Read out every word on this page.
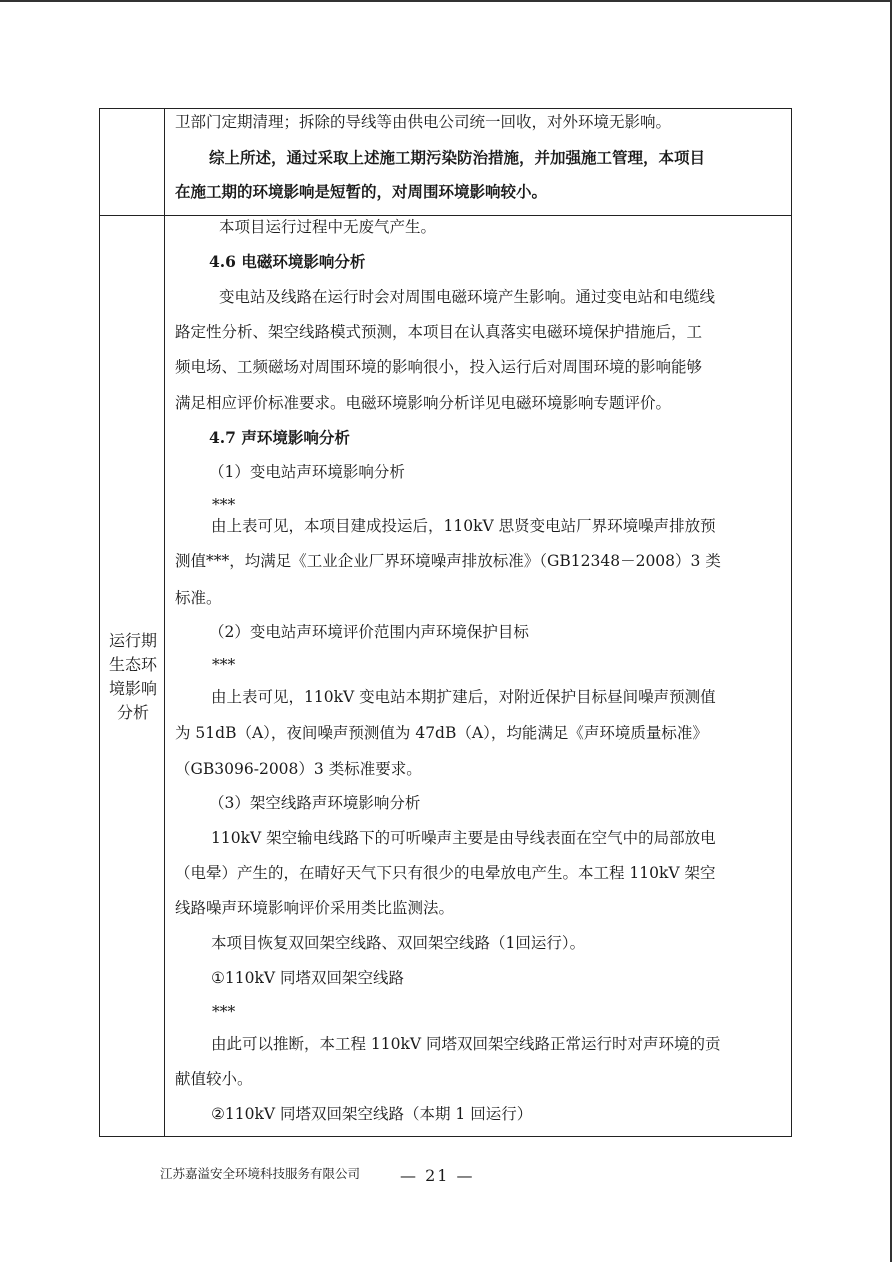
运行期
生态环
境影响
分析
卫部门定期清理；拆除的导线等由供电公司统一回收，对外环境无影响。
综上所述，通过采取上述施工期污染防治措施，并加强施工管理，本项目
在施工期的环境影响是短暂的，对周围环境影响较小。
本项目运行过程中无废气产生。
4.6 电磁环境影响分析
变电站及线路在运行时会对周围电磁环境产生影响。通过变电站和电缆线
路定性分析、架空线路模式预测，本项目在认真落实电磁环境保护措施后，工
频电场、工频磁场对周围环境的影响很小，投入运行后对周围环境的影响能够
满足相应评价标准要求。电磁环境影响分析详见电磁环境影响专题评价。
4.7 声环境影响分析
（1）变电站声环境影响分析
***
由上表可见，本项目建成投运后，110kV 思贤变电站厂界环境噪声排放预
测值***，均满足《工业企业厂界环境噪声排放标准》（GB12348－2008）3 类
标准。
（2）变电站声环境评价范围内声环境保护目标
***
由上表可见，110kV 变电站本期扩建后，对附近保护目标昼间噪声预测值
为 51dB（A），夜间噪声预测值为 47dB（A），均能满足《声环境质量标准》
（GB3096-2008）3 类标准要求。
（3）架空线路声环境影响分析
110kV 架空输电线路下的可听噪声主要是由导线表面在空气中的局部放电
（电晕）产生的，在晴好天气下只有很少的电晕放电产生。本工程 110kV 架空
线路噪声环境影响评价采用类比监测法。
本项目恢复双回架空线路、双回架空线路（1回运行）。
①110kV 同塔双回架空线路
***
由此可以推断，本工程 110kV 同塔双回架空线路正常运行时对声环境的贡
献值较小。
②110kV 同塔双回架空线路（本期 1 回运行）
江苏嘉溢安全环境科技服务有限公司 — 21 —
